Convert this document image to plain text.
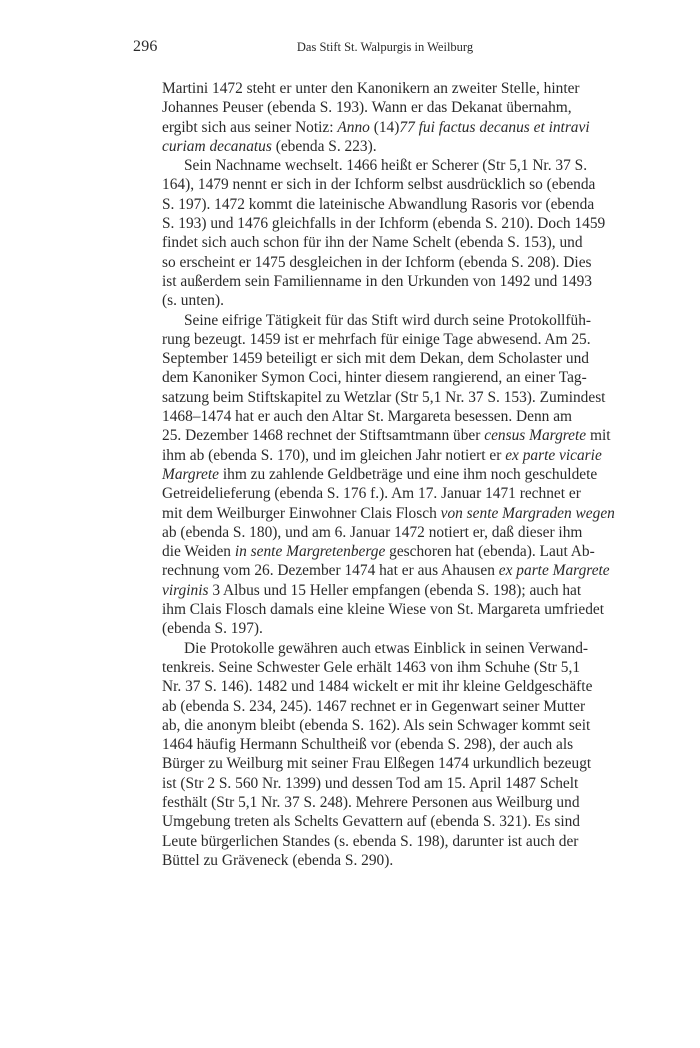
296	Das Stift St. Walpurgis in Weilburg

Martini 1472 steht er unter den Kanonikern an zweiter Stelle, hinter
Johannes Peuser (ebenda S. 193). Wann er das Dekanat übernahm,
ergibt sich aus seiner Notiz: Anno (14)77 fui factus decanus et intravi
curiam decanatus (ebenda S. 223).

Sein Nachname wechselt. 1466 heißt er Scherer (Str 5,1 Nr. 37 S.
164), 1479 nennt er sich in der Ichform selbst ausdrücklich so (ebenda
S. 197). 1472 kommt die lateinische Abwandlung Rasoris vor (ebenda
S. 193) und 1476 gleichfalls in der Ichform (ebenda S. 210). Doch 1459
findet sich auch schon für ihn der Name Schelt (ebenda S. 153), und
so erscheint er 1475 desgleichen in der Ichform (ebenda S. 208). Dies
ist außerdem sein Familienname in den Urkunden von 1492 und 1493
(s. unten).

Seine eifrige Tätigkeit für das Stift wird durch seine Protokollfüh-
rung bezeugt. 1459 ist er mehrfach für einige Tage abwesend. Am 25.
September 1459 beteiligt er sich mit dem Dekan, dem Scholaster und
dem Kanoniker Symon Coci, hinter diesem rangierend, an einer Tag-
satzung beim Stiftskapitel zu Wetzlar (Str 5,1 Nr. 37 S. 153). Zumindest
1468–1474 hat er auch den Altar St. Margareta besessen. Denn am
25. Dezember 1468 rechnet der Stiftsamtmann über census Margrete mit
ihm ab (ebenda S. 170), und im gleichen Jahr notiert er ex parte vicarie
Margrete ihm zu zahlende Geldbeträge und eine ihm noch geschuldete
Getreidelieferung (ebenda S. 176 f.). Am 17. Januar 1471 rechnet er
mit dem Weilburger Einwohner Clais Flosch von sente Margraden wegen
ab (ebenda S. 180), und am 6. Januar 1472 notiert er, daß dieser ihm
die Weiden in sente Margretenberge geschoren hat (ebenda). Laut Ab-
rechnung vom 26. Dezember 1474 hat er aus Ahausen ex parte Margrete
virginis 3 Albus und 15 Heller empfangen (ebenda S. 198); auch hat
ihm Clais Flosch damals eine kleine Wiese von St. Margareta umfriedet
(ebenda S. 197).

Die Protokolle gewähren auch etwas Einblick in seinen Verwand-
tenkreis. Seine Schwester Gele erhält 1463 von ihm Schuhe (Str 5,1
Nr. 37 S. 146). 1482 und 1484 wickelt er mit ihr kleine Geldgeschäfte
ab (ebenda S. 234, 245). 1467 rechnet er in Gegenwart seiner Mutter
ab, die anonym bleibt (ebenda S. 162). Als sein Schwager kommt seit
1464 häufig Hermann Schultheiß vor (ebenda S. 298), der auch als
Bürger zu Weilburg mit seiner Frau Elßegen 1474 urkundlich bezeugt
ist (Str 2 S. 560 Nr. 1399) und dessen Tod am 15. April 1487 Schelt
festhält (Str 5,1 Nr. 37 S. 248). Mehrere Personen aus Weilburg und
Umgebung treten als Schelts Gevattern auf (ebenda S. 321). Es sind
Leute bürgerlichen Standes (s. ebenda S. 198), darunter ist auch der
Büttel zu Gräveneck (ebenda S. 290).
